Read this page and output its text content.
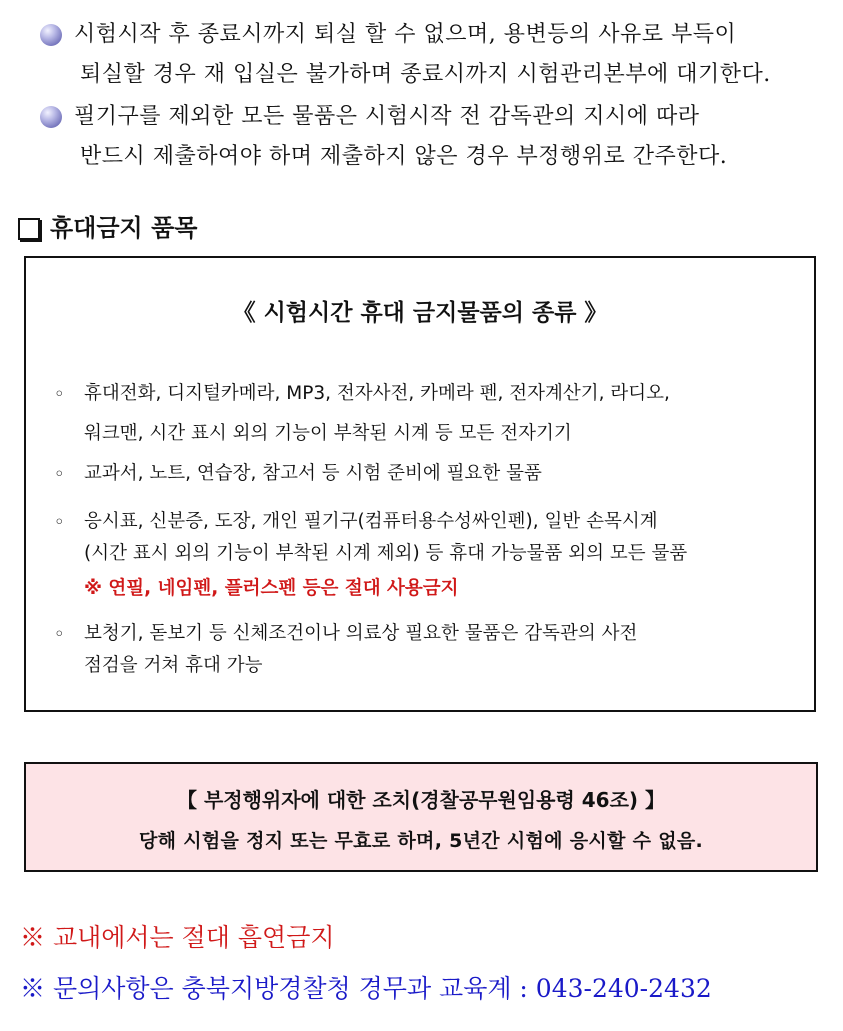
시험시작 후 종료시까지 퇴실 할 수 없으며, 용변등의 사유로 부득이
퇴실할 경우 재 입실은 불가하며 종료시까지 시험관리본부에 대기한다.
필기구를 제외한 모든 물품은 시험시작 전 감독관의 지시에 따라
반드시 제출하여야 하며 제출하지 않은 경우 부정행위로 간주한다.
휴대금지 품목
《 시험시간 휴대 금지물품의 종류 》
◦ 휴대전화, 디지털카메라, MP3, 전자사전, 카메라 펜, 전자계산기, 라디오,
워크맨, 시간 표시 외의 기능이 부착된 시계 등 모든 전자기기
◦ 교과서, 노트, 연습장, 참고서 등 시험 준비에 필요한 물품
◦ 응시표, 신분증, 도장, 개인 필기구(컴퓨터용수성싸인펜), 일반 손목시계
(시간 표시 외의 기능이 부착된 시계 제외) 등 휴대 가능물품 외의 모든 물품
※ 연필, 네임펜, 플러스펜 등은 절대 사용금지
◦ 보청기, 돋보기 등 신체조건이나 의료상 필요한 물품은 감독관의 사전
점검을 거쳐 휴대 가능
【 부정행위자에 대한 조치(경찰공무원임용령 46조) 】
당해 시험을 정지 또는 무효로 하며, 5년간 시험에 응시할 수 없음.
※ 교내에서는 절대 흡연금지
※ 문의사항은 충북지방경찰청 경무과 교육계 : 043-240-2432
